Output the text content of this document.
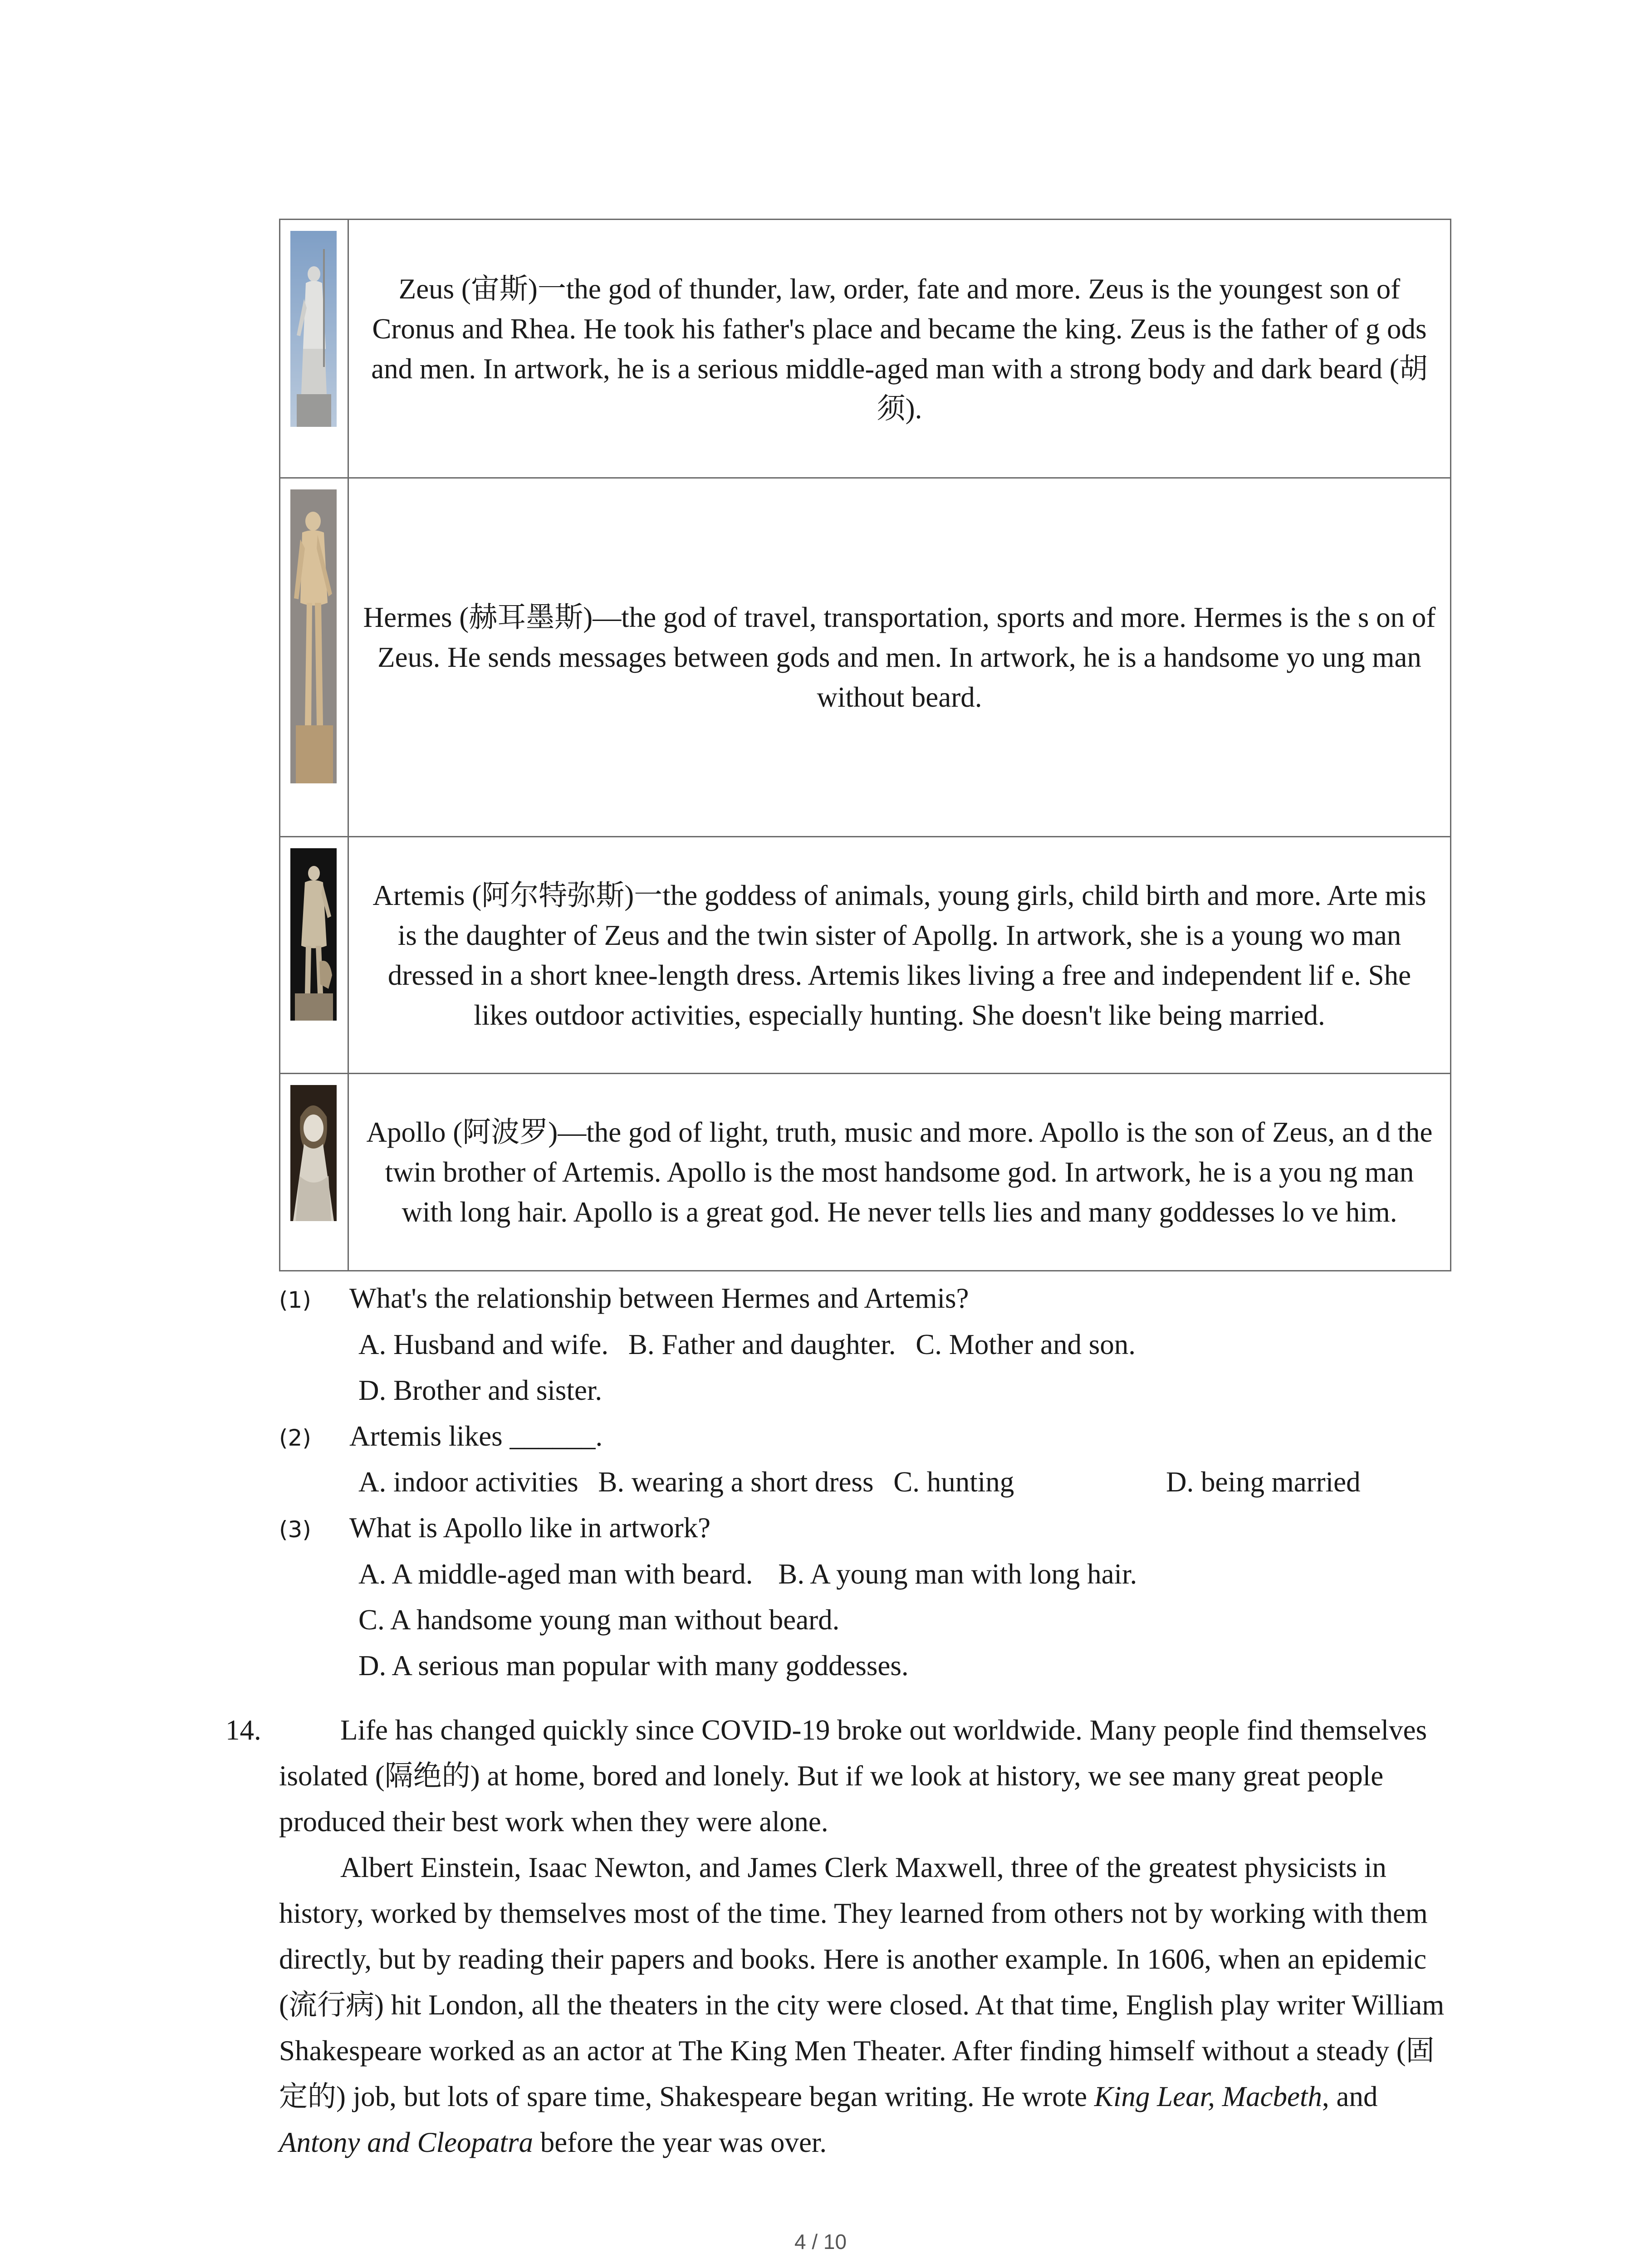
	Zeus (宙斯)一the god of thunder, law, order, fate and more. Zeus is the youngest son of Cronus and Rhea. He took his father's place and became the king. Zeus is the father of g ods and men. In artwork, he is a serious middle-aged man with a strong body and dark beard (胡须).

	Hermes (赫耳墨斯)—the god of travel, transportation, sports and more. Hermes is the s on of Zeus. He sends messages between gods and men. In artwork, he is a handsome yo ung man without beard.

	Artemis (阿尔特弥斯)一the goddess of animals, young girls, child birth and more. Arte mis is the daughter of Zeus and the twin sister of Apollg. In artwork, she is a young wo man dressed in a short knee-length dress. Artemis likes living a free and independent lif e. She likes outdoor activities, especially hunting. She doesn't like being married.

	Apollo (阿波罗)—the god of light, truth, music and more. Apollo is the son of Zeus, an d the twin brother of Artemis. Apollo is the most handsome god. In artwork, he is a you ng man with long hair. Apollo is a great god. He never tells lies and many goddesses lo ve him.
(1) What's the relationship between Hermes and Artemis?
A. Husband and wife. B. Father and daughter. C. Mother and son.
D. Brother and sister.
(2) Artemis likes ______.
A. indoor activities B. wearing a short dress C. hunting	D. being married
(3) What is Apollo like in artwork?
A. A middle-aged man with beard. B. A young man with long hair.
C. A handsome young man without beard.
D. A serious man popular with many goddesses.
14.	Life has changed quickly since COVID-19 broke out worldwide. Many people find themselves isolated (隔绝的) at home, bored and lonely. But if we look at history, we see many great people produced their best work when they were alone.

Albert Einstein, Isaac Newton, and James Clerk Maxwell, three of the greatest physicists in history, worked by themselves most of the time. They learned from others not by working with them directly, but by reading their papers and books. Here is another example. In 1606, when an epidemic (流行病) hit London, all the theaters in the city were closed. At that time, English play writer William Shakespeare worked as an actor at The King Men Theater. After finding himself without a steady (固定的) job, but lots of spare time, Shakespeare began writing. He wrote King Lear, Macbeth, and Antony and Cleopatra before the year was over.

4 / 10
